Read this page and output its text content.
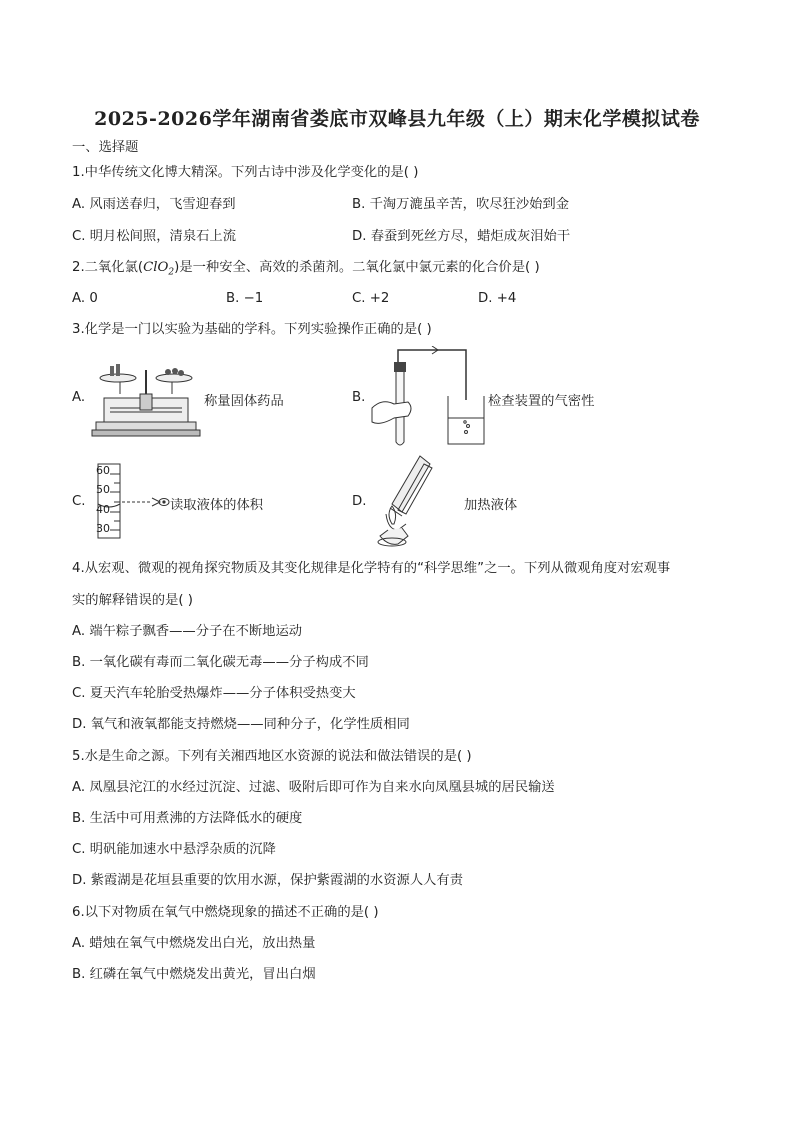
2025-2026学年湖南省娄底市双峰县九年级（上）期末化学模拟试卷
一、选择题
1.中华传统文化博大精深。下列古诗中涉及化学变化的是( )
A. 风雨送春归，飞雪迎春到	B. 千淘万漉虽辛苦，吹尽狂沙始到金
C. 明月松间照，清泉石上流	D. 春蚕到死丝方尽，蜡炬成灰泪始干
2.二氧化氯(ClO$_2$)是一种安全、高效的杀菌剂。二氧化氯中氯元素的化合价是( )
A. 0	B. −1	C. +2	D. +4
3.化学是一门以实验为基础的学科。下列实验操作正确的是( )
A.	称量固体药品	B.	检查装置的气密性
C.
60
50
40
30
读取液体的体积	D.	加热液体
4.从宏观、微观的视角探究物质及其变化规律是化学特有的“科学思维”之一。下列从微观角度对宏观事
实的解释错误的是( )
A. 端午粽子飘香——分子在不断地运动
B. 一氧化碳有毒而二氧化碳无毒——分子构成不同
C. 夏天汽车轮胎受热爆炸——分子体积受热变大
D. 氧气和液氧都能支持燃烧——同种分子，化学性质相同
5.水是生命之源。下列有关湘西地区水资源的说法和做法错误的是( )
A. 凤凰县沱江的水经过沉淀、过滤、吸附后即可作为自来水向凤凰县城的居民输送
B. 生活中可用煮沸的方法降低水的硬度
C. 明矾能加速水中悬浮杂质的沉降
D. 紫霞湖是花垣县重要的饮用水源，保护紫霞湖的水资源人人有责
6.以下对物质在氧气中燃烧现象的描述不正确的是( )
A. 蜡烛在氧气中燃烧发出白光，放出热量
B. 红磷在氧气中燃烧发出黄光，冒出白烟
